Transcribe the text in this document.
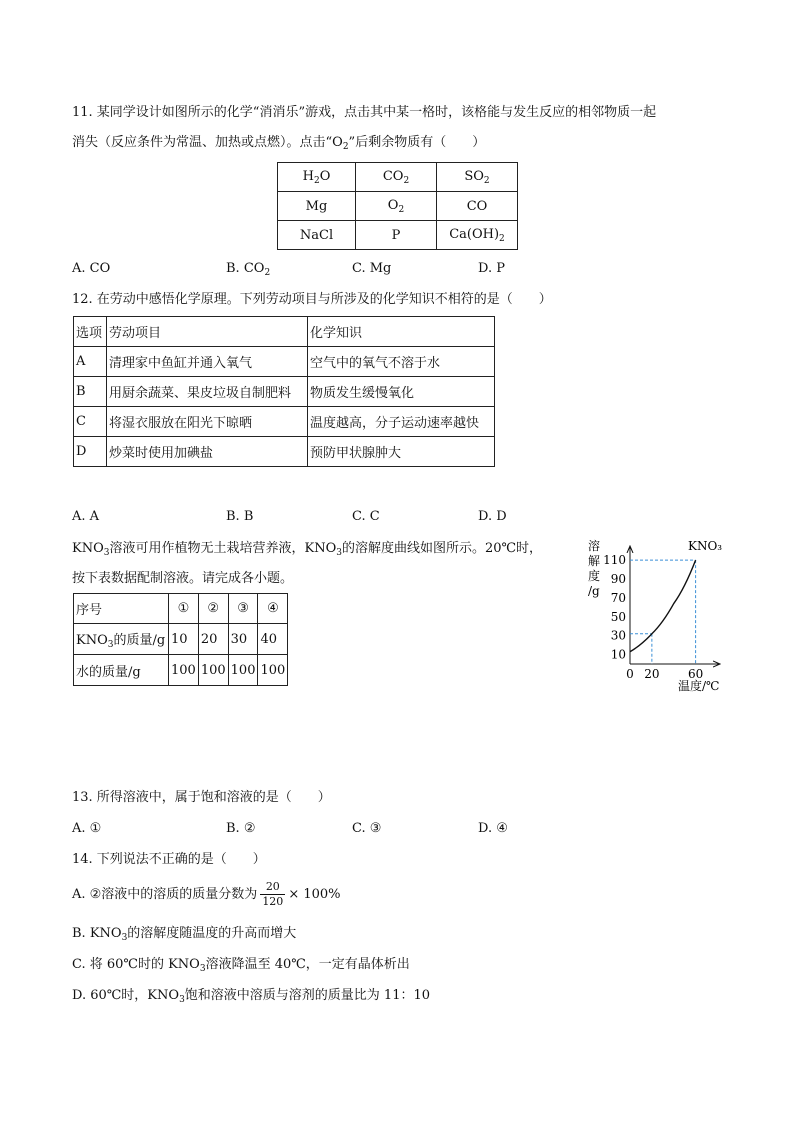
11. 某同学设计如图所示的化学“消消乐”游戏，点击其中某一格时，该格能与发生反应的相邻物质一起
消失（反应条件为常温、加热或点燃）。点击“$O_2$”后剩余物质有（　　）
$H_2O$	$CO_2$	$SO_2$
Mg	$O_2$	CO
NaCl	P	$Ca(OH)_2$
A. CO	B. $CO_2$	C. Mg	D. P
12. 在劳动中感悟化学原理。下列劳动项目与所涉及的化学知识不相符的是（　　）
选项	劳动项目	化学知识
A	清理家中鱼缸并通入氧气	空气中的氧气不溶于水
B	用厨余蔬菜、果皮垃圾自制肥料	物质发生缓慢氧化
C	将湿衣服放在阳光下晾晒	温度越高，分子运动速率越快
D	炒菜时使用加碘盐	预防甲状腺肿大
A. A	B. B	C. C	D. D
$KNO_3$溶液可用作植物无土栽培营养液，$KNO_3$的溶解度曲线如图所示。20℃时，
按下表数据配制溶液。请完成各小题。
序号	①	②	③	④
$KNO_3$的质量/g	10	20	30	40
水的质量/g	100	100	100	100
溶
解
度
/g
110
90
70
50
30
10
0 20 60
KNO₃
温度/℃
13. 所得溶液中，属于饱和溶液的是（　　）
A. ①	B. ②	C. ③	D. ④
14. 下列说法不正确的是（　　）
A. ②溶液中的溶质的质量分数为 $\frac{20}{120} \times 100\%$
B. $KNO_3$的溶解度随温度的升高而增大
C. 将 60℃时的 $KNO_3$溶液降温至 40℃，一定有晶体析出
D. 60℃时，$KNO_3$饱和溶液中溶质与溶剂的质量比为 11：10
